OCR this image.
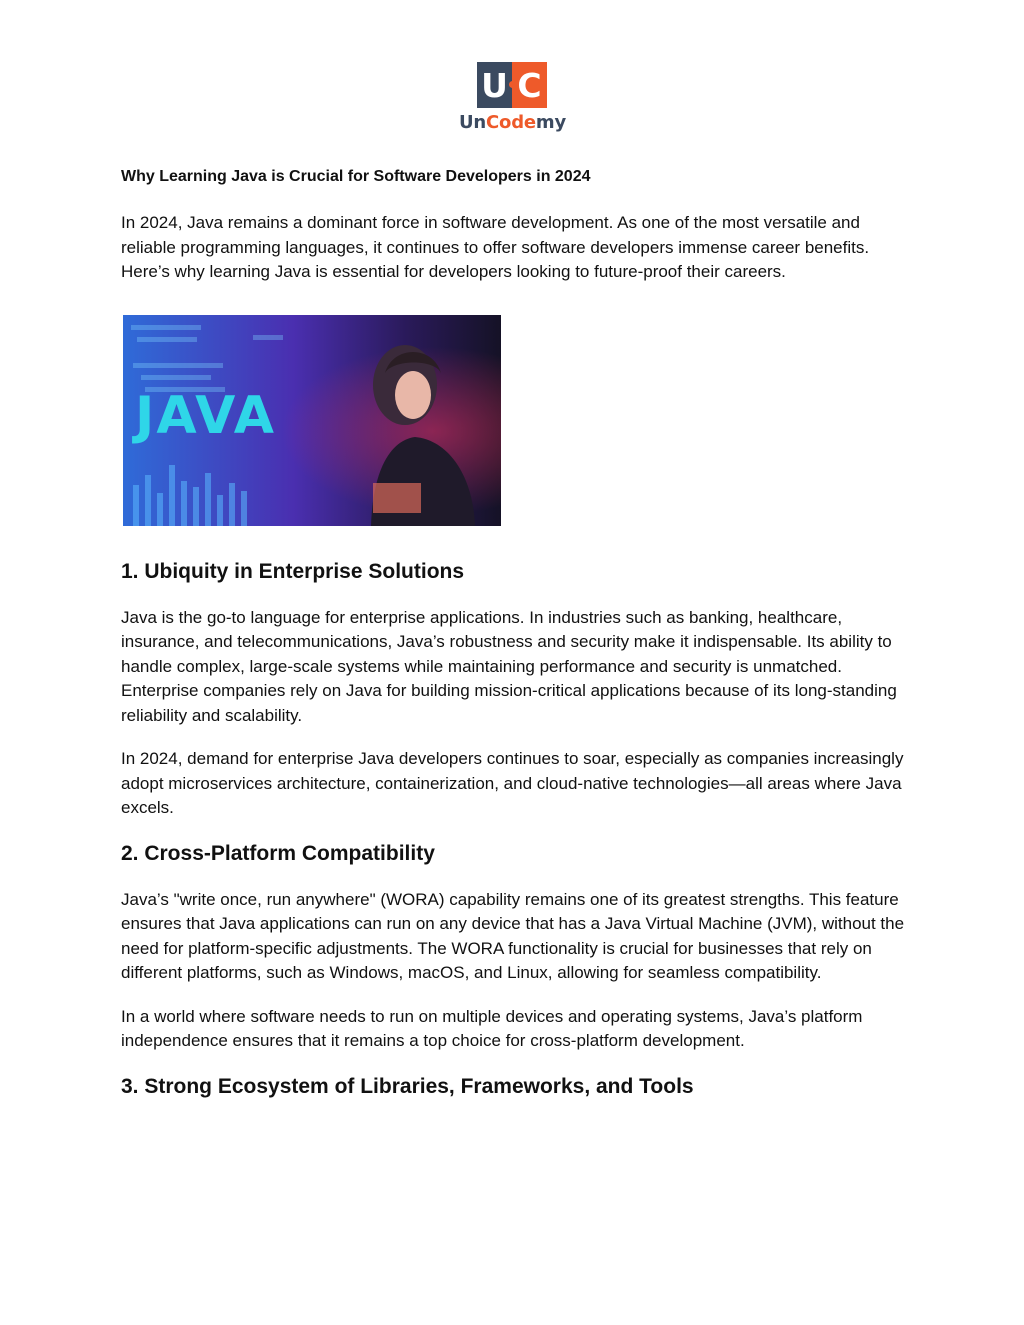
U C
UnCodemy
Why Learning Java is Crucial for Software Developers in 2024

In 2024, Java remains a dominant force in software development. As one of the most versatile and reliable programming languages, it continues to offer software developers immense career benefits. Here’s why learning Java is essential for developers looking to future-proof their careers.

JAVA
1. Ubiquity in Enterprise Solutions

Java is the go-to language for enterprise applications. In industries such as banking, healthcare, insurance, and telecommunications, Java’s robustness and security make it indispensable. Its ability to handle complex, large-scale systems while maintaining performance and security is unmatched. Enterprise companies rely on Java for building mission-critical applications because of its long-standing reliability and scalability.

In 2024, demand for enterprise Java developers continues to soar, especially as companies increasingly adopt microservices architecture, containerization, and cloud-native technologies—all areas where Java excels.

2. Cross-Platform Compatibility

Java’s "write once, run anywhere" (WORA) capability remains one of its greatest strengths. This feature ensures that Java applications can run on any device that has a Java Virtual Machine (JVM), without the need for platform-specific adjustments. The WORA functionality is crucial for businesses that rely on different platforms, such as Windows, macOS, and Linux, allowing for seamless compatibility.

In a world where software needs to run on multiple devices and operating systems, Java’s platform independence ensures that it remains a top choice for cross-platform development.

3. Strong Ecosystem of Libraries, Frameworks, and Tools
